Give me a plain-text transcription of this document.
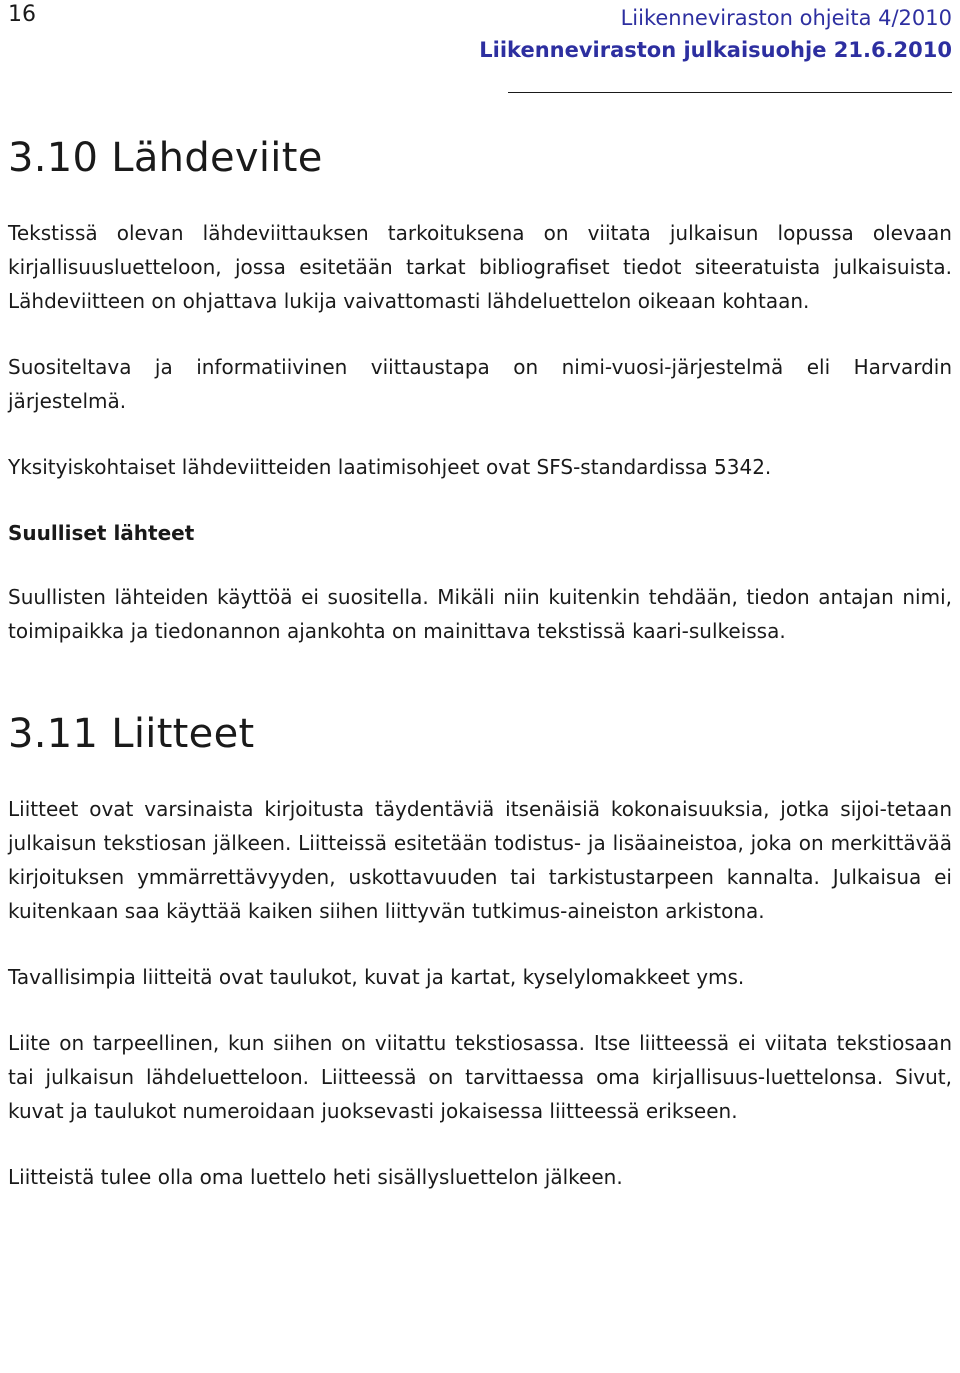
16	Liikenneviraston ohjeita 4/2010
Liikenneviraston julkaisuohje 21.6.2010
3.10 Lähdeviite

Tekstissä olevan lähdeviittauksen tarkoituksena on viitata julkaisun lopussa olevaan kirjallisuusluetteloon, jossa esitetään tarkat bibliografiset tiedot siteeratuista julkaisuista. Lähdeviitteen on ohjattava lukija vaivattomasti lähdeluettelon oikeaan kohtaan.

Suositeltava ja informatiivinen viittaustapa on nimi-vuosi-järjestelmä eli Harvardin järjestelmä.

Yksityiskohtaiset lähdeviitteiden laatimisohjeet ovat SFS-standardissa 5342.

Suulliset lähteet

Suullisten lähteiden käyttöä ei suositella. Mikäli niin kuitenkin tehdään, tiedon antajan nimi, toimipaikka ja tiedonannon ajankohta on mainittava tekstissä kaari-sulkeissa.

3.11 Liitteet

Liitteet ovat varsinaista kirjoitusta täydentäviä itsenäisiä kokonaisuuksia, jotka sijoi-tetaan julkaisun tekstiosan jälkeen. Liitteissä esitetään todistus- ja lisäaineistoa, joka on merkittävää kirjoituksen ymmärrettävyyden, uskottavuuden tai tarkistustarpeen kannalta. Julkaisua ei kuitenkaan saa käyttää kaiken siihen liittyvän tutkimus-aineiston arkistona.

Tavallisimpia liitteitä ovat taulukot, kuvat ja kartat, kyselylomakkeet yms.

Liite on tarpeellinen, kun siihen on viitattu tekstiosassa. Itse liitteessä ei viitata tekstiosaan tai julkaisun lähdeluetteloon. Liitteessä on tarvittaessa oma kirjallisuus-luettelonsa. Sivut, kuvat ja taulukot numeroidaan juoksevasti jokaisessa liitteessä erikseen.

Liitteistä tulee olla oma luettelo heti sisällysluettelon jälkeen.
